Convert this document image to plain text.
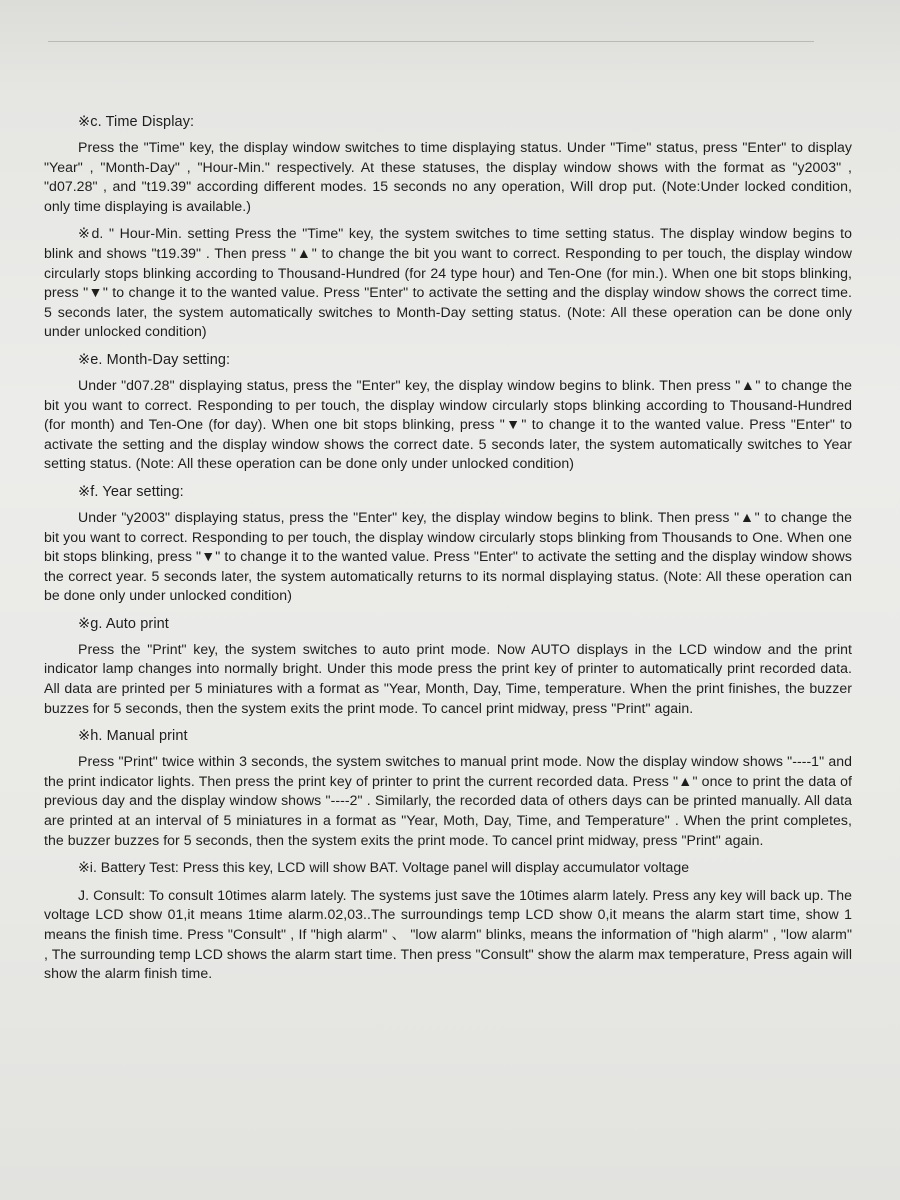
※c. Time Display:

Press the "Time" key, the display window switches to time displaying status. Under "Time" status, press "Enter" to display "Year" , "Month-Day" , "Hour-Min." respectively. At these statuses, the display window shows with the format as "y2003" , "d07.28" , and "t19.39" according different modes. 15 seconds no any operation, Will drop put. (Note:Under locked condition, only time displaying is available.)

※d. " Hour-Min. setting Press the "Time" key, the system switches to time setting status. The display window begins to blink and shows "t19.39" . Then press "▲" to change the bit you want to correct. Responding to per touch, the display window circularly stops blinking according to Thousand-Hundred (for 24 type hour) and Ten-One (for min.). When one bit stops blinking, press "▼" to change it to the wanted value. Press "Enter" to activate the setting and the display window shows the correct time. 5 seconds later, the system automatically switches to Month-Day setting status. (Note: All these operation can be done only under unlocked condition)

※e. Month-Day setting:

Under "d07.28" displaying status, press the "Enter" key, the display window begins to blink. Then press "▲" to change the bit you want to correct. Responding to per touch, the display window circularly stops blinking according to Thousand-Hundred (for month) and Ten-One (for day). When one bit stops blinking, press "▼" to change it to the wanted value. Press "Enter" to activate the setting and the display window shows the correct date. 5 seconds later, the system automatically switches to Year setting status. (Note: All these operation can be done only under unlocked condition)

※f. Year setting:

Under "y2003" displaying status, press the "Enter" key, the display window begins to blink. Then press "▲" to change the bit you want to correct. Responding to per touch, the display window circularly stops blinking from Thousands to One. When one bit stops blinking, press "▼" to change it to the wanted value. Press "Enter" to activate the setting and the display window shows the correct year. 5 seconds later, the system automatically returns to its normal displaying status. (Note: All these operation can be done only under unlocked condition)

※g. Auto print

Press the "Print" key, the system switches to auto print mode. Now AUTO displays in the LCD window and the print indicator lamp changes into normally bright. Under this mode press the print key of printer to automatically print recorded data. All data are printed per 5 miniatures with a format as "Year, Month, Day, Time, temperature. When the print finishes, the buzzer buzzes for 5 seconds, then the system exits the print mode. To cancel print midway, press "Print" again.

※h. Manual print

Press "Print" twice within 3 seconds, the system switches to manual print mode. Now the display window shows "----1" and the print indicator lights. Then press the print key of printer to print the current recorded data. Press "▲" once to print the data of previous day and the display window shows "----2" . Similarly, the recorded data of others days can be printed manually. All data are printed at an interval of 5 miniatures in a format as "Year, Moth, Day, Time, and Temperature" . When the print completes, the buzzer buzzes for 5 seconds, then the system exits the print mode. To cancel print midway, press "Print" again.

※i. Battery Test: Press this key, LCD will show BAT. Voltage panel will display accumulator voltage

J. Consult: To consult 10times alarm lately. The systems just save the 10times alarm lately. Press any key will back up. The voltage LCD show 01,it means 1time alarm.02,03..The surroundings temp LCD show 0,it means the alarm start time, show 1 means the finish time. Press "Consult" , If "high alarm" 、 "low alarm" blinks, means the information of "high alarm" , "low alarm" , The surrounding temp LCD shows the alarm start time. Then press "Consult" show the alarm max temperature, Press again will show the alarm finish time.
